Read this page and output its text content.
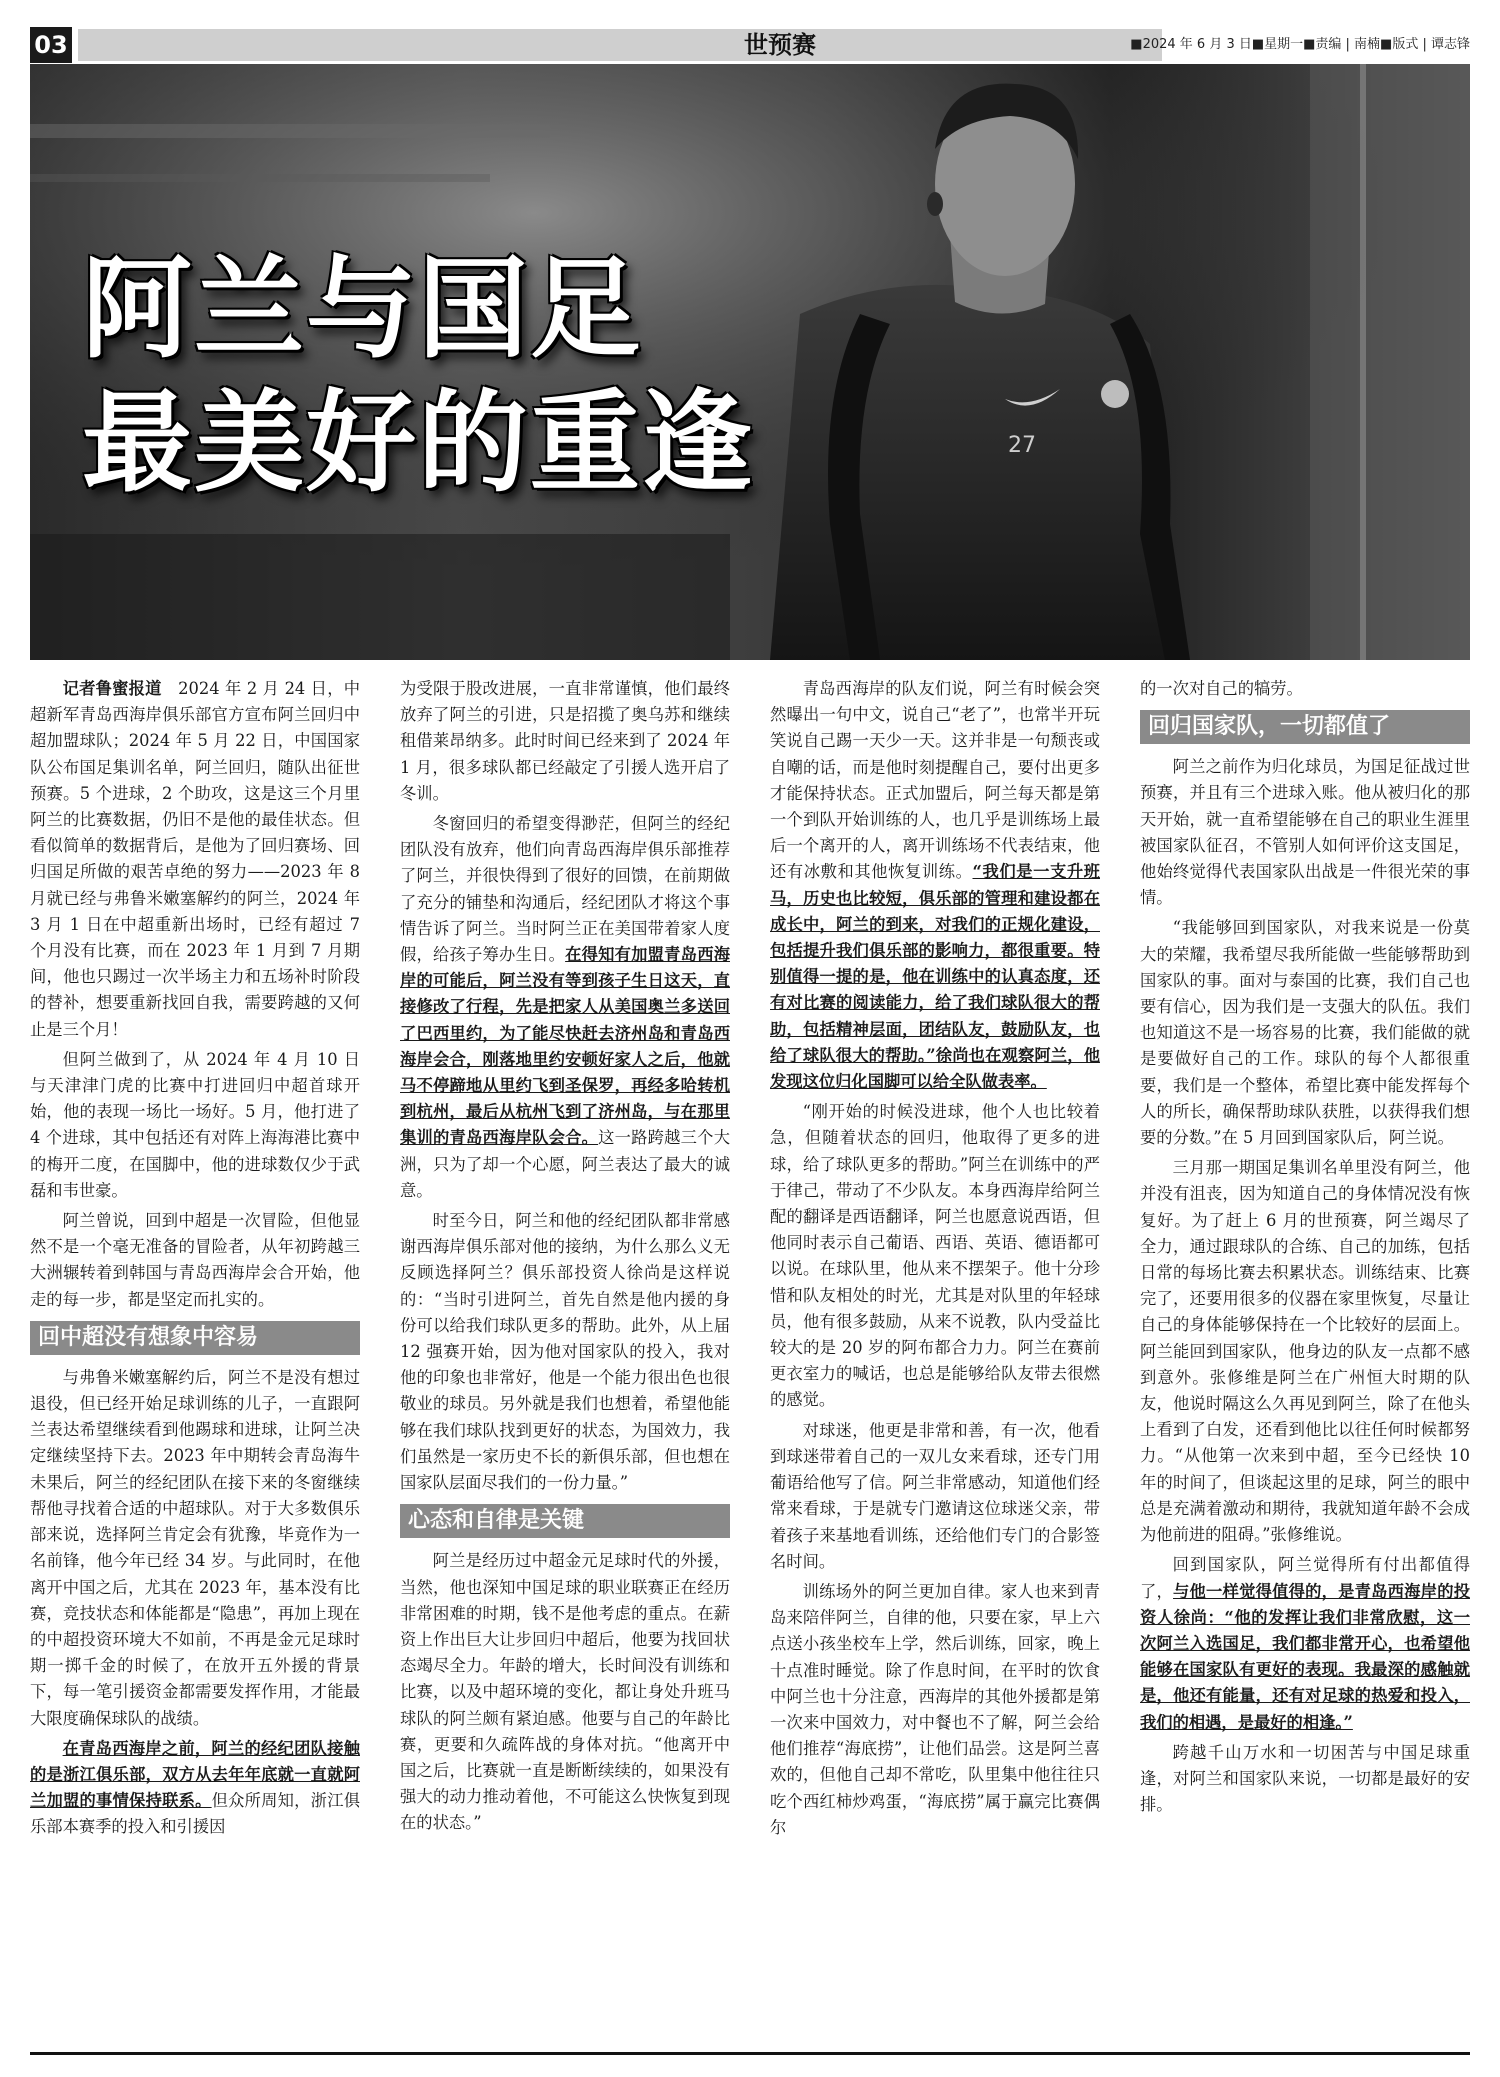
03	世预赛	■2024 年 6 月 3 日■星期一■责编 | 南楠■版式 | 谭志锋
27
阿兰与国足
最美好的重逢

记者鲁蜜报道　 2024 年 2 月 24 日，中超新军青岛西海岸俱乐部官方宣布阿兰回归中超加盟球队；2024 年 5 月 22 日，中国国家队公布国足集训名单，阿兰回归，随队出征世预赛。5 个进球，2 个助攻，这是这三个月里阿兰的比赛数据，仍旧不是他的最佳状态。但看似简单的数据背后，是他为了回归赛场、回归国足所做的艰苦卓绝的努力——2023 年 8 月就已经与弗鲁米嫩塞解约的阿兰，2024 年 3 月 1 日在中超重新出场时，已经有超过 7 个月没有比赛，而在 2023 年 1 月到 7 月期间，他也只踢过一次半场主力和五场补时阶段的替补，想要重新找回自我，需要跨越的又何止是三个月！

但阿兰做到了，从 2024 年 4 月 10 日与天津津门虎的比赛中打进回归中超首球开始，他的表现一场比一场好。5 月，他打进了 4 个进球，其中包括还有对阵上海海港比赛中的梅开二度，在国脚中，他的进球数仅少于武磊和韦世豪。

阿兰曾说，回到中超是一次冒险，但他显然不是一个毫无准备的冒险者，从年初跨越三大洲辗转着到韩国与青岛西海岸会合开始，他走的每一步，都是坚定而扎实的。

回中超没有想象中容易

与弗鲁米嫩塞解约后，阿兰不是没有想过退役，但已经开始足球训练的儿子，一直跟阿兰表达希望继续看到他踢球和进球，让阿兰决定继续坚持下去。2023 年中期转会青岛海牛未果后，阿兰的经纪团队在接下来的冬窗继续帮他寻找着合适的中超球队。对于大多数俱乐部来说，选择阿兰肯定会有犹豫，毕竟作为一名前锋，他今年已经 34 岁。与此同时，在他离开中国之后，尤其在 2023 年，基本没有比赛，竞技状态和体能都是“隐患”，再加上现在的中超投资环境大不如前，不再是金元足球时期一掷千金的时候了，在放开五外援的背景下，每一笔引援资金都需要发挥作用，才能最大限度确保球队的战绩。

在青岛西海岸之前，阿兰的经纪团队接触的是浙江俱乐部，双方从去年年底就一直就阿兰加盟的事情保持联系。但众所周知，浙江俱乐部本赛季的投入和引援因

为受限于股改进展，一直非常谨慎，他们最终放弃了阿兰的引进，只是招揽了奥乌苏和继续租借莱昂纳多。此时时间已经来到了 2024 年 1 月，很多球队都已经敲定了引援人选开启了冬训。

冬窗回归的希望变得渺茫，但阿兰的经纪团队没有放弃，他们向青岛西海岸俱乐部推荐了阿兰，并很快得到了很好的回馈，在前期做了充分的铺垫和沟通后，经纪团队才将这个事情告诉了阿兰。当时阿兰正在美国带着家人度假，给孩子筹办生日。在得知有加盟青岛西海岸的可能后，阿兰没有等到孩子生日这天，直接修改了行程，先是把家人从美国奥兰多送回了巴西里约，为了能尽快赶去济州岛和青岛西海岸会合，刚落地里约安顿好家人之后，他就马不停蹄地从里约飞到圣保罗，再经多哈转机到杭州，最后从杭州飞到了济州岛，与在那里集训的青岛西海岸队会合。这一路跨越三个大洲，只为了却一个心愿，阿兰表达了最大的诚意。

时至今日，阿兰和他的经纪团队都非常感谢西海岸俱乐部对他的接纳，为什么那么义无反顾选择阿兰？俱乐部投资人徐尚是这样说的：“当时引进阿兰，首先自然是他内援的身份可以给我们球队更多的帮助。此外，从上届 12 强赛开始，因为他对国家队的投入，我对他的印象也非常好，他是一个能力很出色也很敬业的球员。另外就是我们也想着，希望他能够在我们球队找到更好的状态，为国效力，我们虽然是一家历史不长的新俱乐部，但也想在国家队层面尽我们的一份力量。”

心态和自律是关键

阿兰是经历过中超金元足球时代的外援，当然，他也深知中国足球的职业联赛正在经历非常困难的时期，钱不是他考虑的重点。在薪资上作出巨大让步回归中超后，他要为找回状态竭尽全力。年龄的增大，长时间没有训练和比赛，以及中超环境的变化，都让身处升班马球队的阿兰颇有紧迫感。他要与自己的年龄比赛，更要和久疏阵战的身体对抗。“他离开中国之后，比赛就一直是断断续续的，如果没有强大的动力推动着他，不可能这么快恢复到现在的状态。”

青岛西海岸的队友们说，阿兰有时候会突然曝出一句中文，说自己“老了”，也常半开玩笑说自己踢一天少一天。这并非是一句颓丧或自嘲的话，而是他时刻提醒自己，要付出更多才能保持状态。正式加盟后，阿兰每天都是第一个到队开始训练的人，也几乎是训练场上最后一个离开的人，离开训练场不代表结束，他还有冰敷和其他恢复训练。“我们是一支升班马，历史也比较短，俱乐部的管理和建设都在成长中，阿兰的到来，对我们的正规化建设，包括提升我们俱乐部的影响力，都很重要。特别值得一提的是，他在训练中的认真态度，还有对比赛的阅读能力，给了我们球队很大的帮助，包括精神层面，团结队友，鼓励队友，也给了球队很大的帮助。”徐尚也在观察阿兰，他发现这位归化国脚可以给全队做表率。

“刚开始的时候没进球，他个人也比较着急，但随着状态的回归，他取得了更多的进球，给了球队更多的帮助。”阿兰在训练中的严于律己，带动了不少队友。本身西海岸给阿兰配的翻译是西语翻译，阿兰也愿意说西语，但他同时表示自己葡语、西语、英语、德语都可以说。在球队里，他从来不摆架子。他十分珍惜和队友相处的时光，尤其是对队里的年轻球员，他有很多鼓励，从来不说教，队内受益比较大的是 20 岁的阿布都合力力。阿兰在赛前更衣室力的喊话，也总是能够给队友带去很燃的感觉。

对球迷，他更是非常和善，有一次，他看到球迷带着自己的一双儿女来看球，还专门用葡语给他写了信。阿兰非常感动，知道他们经常来看球，于是就专门邀请这位球迷父亲，带着孩子来基地看训练，还给他们专门的合影签名时间。

训练场外的阿兰更加自律。家人也来到青岛来陪伴阿兰，自律的他，只要在家，早上六点送小孩坐校车上学，然后训练，回家，晚上十点准时睡觉。除了作息时间，在平时的饮食中阿兰也十分注意，西海岸的其他外援都是第一次来中国效力，对中餐也不了解，阿兰会给他们推荐“海底捞”，让他们品尝。这是阿兰喜欢的，但他自己却不常吃，队里集中他往往只吃个西红柿炒鸡蛋，“海底捞”属于赢完比赛偶尔

的一次对自己的犒劳。

回归国家队，一切都值了

阿兰之前作为归化球员，为国足征战过世预赛，并且有三个进球入账。他从被归化的那天开始，就一直希望能够在自己的职业生涯里被国家队征召，不管别人如何评价这支国足，他始终觉得代表国家队出战是一件很光荣的事情。

“我能够回到国家队，对我来说是一份莫大的荣耀，我希望尽我所能做一些能够帮助到国家队的事。面对与泰国的比赛，我们自己也要有信心，因为我们是一支强大的队伍。我们也知道这不是一场容易的比赛，我们能做的就是要做好自己的工作。球队的每个人都很重要，我们是一个整体，希望比赛中能发挥每个人的所长，确保帮助球队获胜，以获得我们想要的分数。”在 5 月回到国家队后，阿兰说。

三月那一期国足集训名单里没有阿兰，他并没有沮丧，因为知道自己的身体情况没有恢复好。为了赶上 6 月的世预赛，阿兰竭尽了全力，通过跟球队的合练、自己的加练，包括日常的每场比赛去积累状态。训练结束、比赛完了，还要用很多的仪器在家里恢复，尽量让自己的身体能够保持在一个比较好的层面上。阿兰能回到国家队，他身边的队友一点都不感到意外。张修维是阿兰在广州恒大时期的队友，他说时隔这么久再见到阿兰，除了在他头上看到了白发，还看到他比以往任何时候都努力。“从他第一次来到中超，至今已经快 10 年的时间了，但谈起这里的足球，阿兰的眼中总是充满着激动和期待，我就知道年龄不会成为他前进的阻碍。”张修维说。

回到国家队，阿兰觉得所有付出都值得了，与他一样觉得值得的，是青岛西海岸的投资人徐尚：“他的发挥让我们非常欣慰，这一次阿兰入选国足，我们都非常开心，也希望他能够在国家队有更好的表现。我最深的感触就是，他还有能量，还有对足球的热爱和投入，我们的相遇，是最好的相逢。”

跨越千山万水和一切困苦与中国足球重逢，对阿兰和国家队来说，一切都是最好的安排。
